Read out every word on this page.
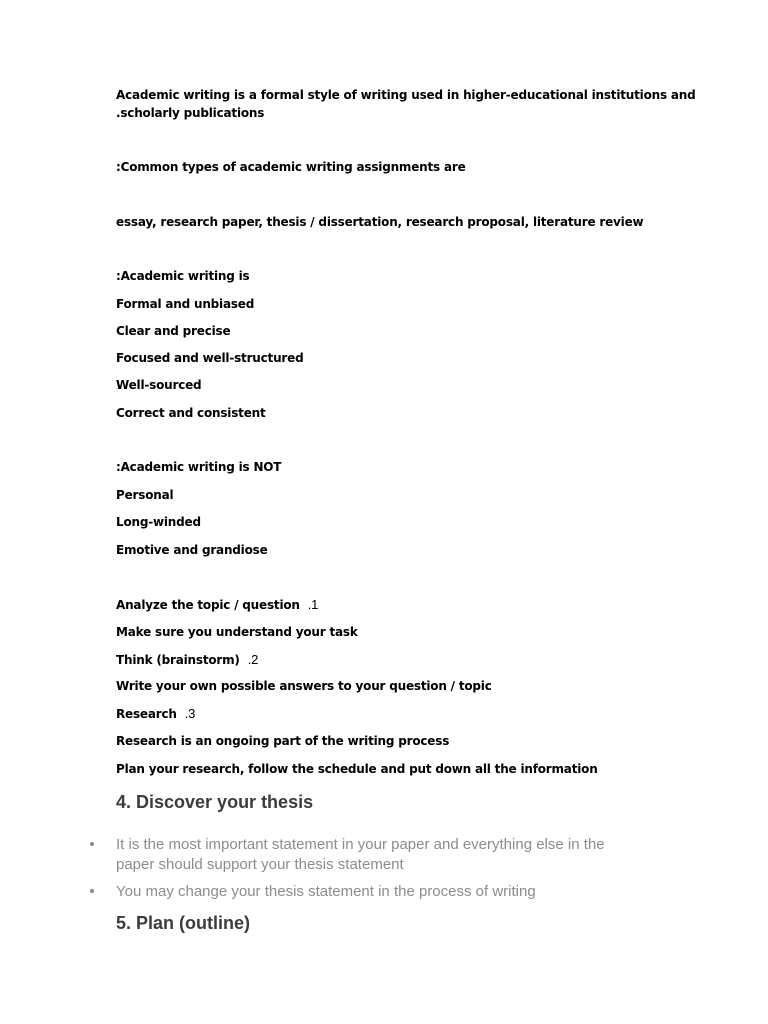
Academic writing is a formal style of writing used in higher-educational institutions and
.scholarly publications
:Common types of academic writing assignments are
essay, research paper, thesis / dissertation, research proposal, literature review
:Academic writing is
Formal and unbiased
Clear and precise
Focused and well-structured
Well-sourced
Correct and consistent
:Academic writing is NOT
Personal
Long-winded
Emotive and grandiose
Analyze the topic / question .1
Make sure you understand your task
Think (brainstorm) .2
Write your own possible answers to your question / topic
Research .3
Research is an ongoing part of the writing process
Plan your research, follow the schedule and put down all the information
4. Discover your thesis
It is the most important statement in your paper and everything else in the paper should support your thesis statement
You may change your thesis statement in the process of writing
5. Plan (outline)
